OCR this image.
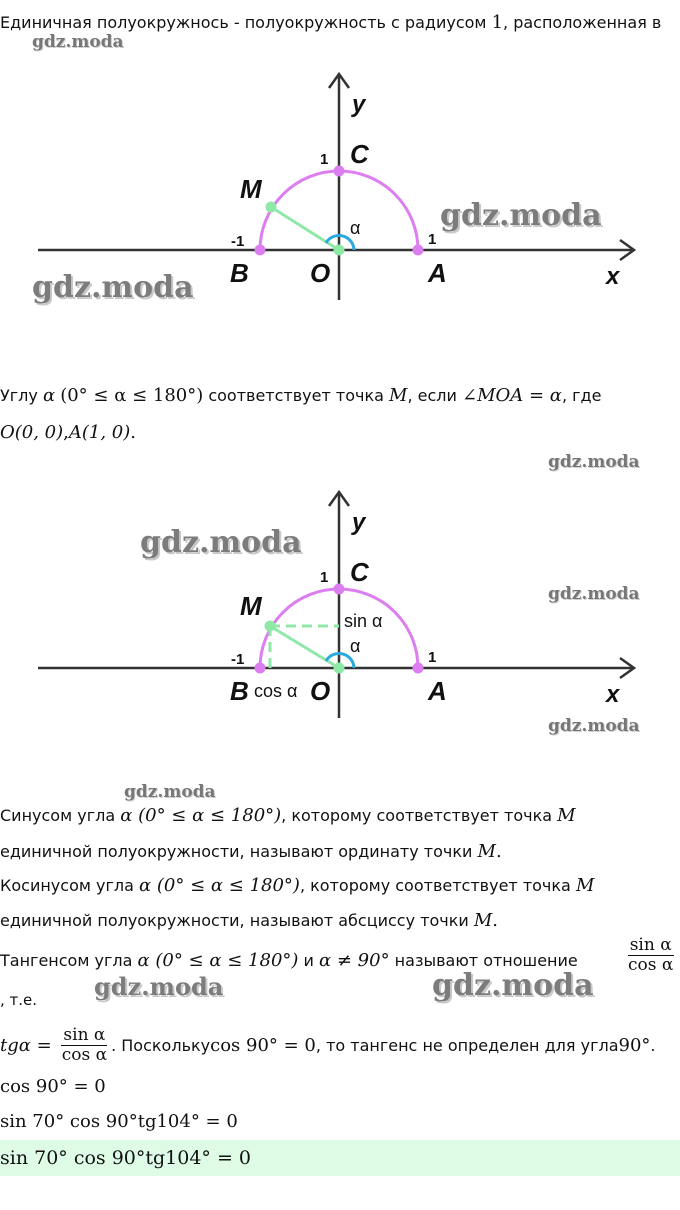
Единичная полуокружнось - полуокружность с радиусом 1, расположенная в
gdz.moda
y
x
C
1
M
α
-1	1
B O	A
gdz.moda
gdz.moda
Углу α (0° ≤ α ≤ 180°) соответствует точка M, если ∠MOA = α, где
O(0, 0),A(1, 0).
gdz.moda
y
x
C
1
M	sin α
α
-1	1
B cos α O	A
gdz.moda
gdz.moda
gdz.moda
gdz.moda
Синусом угла α (0° ≤ α ≤ 180°), которому соответствует точка M
единичной полуокружности, называют ординату точки M.
Косинусом угла α (0° ≤ α ≤ 180°), которому соответствует точка M
единичной полуокружности, называют абсциссу точки M.
Тангенсом угла α (0° ≤ α ≤ 180°) и α ≠ 90° называют отношение	$\frac{\text{sin α}}{\text{cos α}}$
, т.е. gdz.moda	gdz.moda
$tg\alpha = \frac{\text{sin α}}{\text{cos α}}$ . Поскольку cos 90° = 0 , то тангенс не определен для угла 90° .
cos 90° = 0
sin 70° cos 90°tg104° = 0
sin 70° cos 90°tg104° = 0
